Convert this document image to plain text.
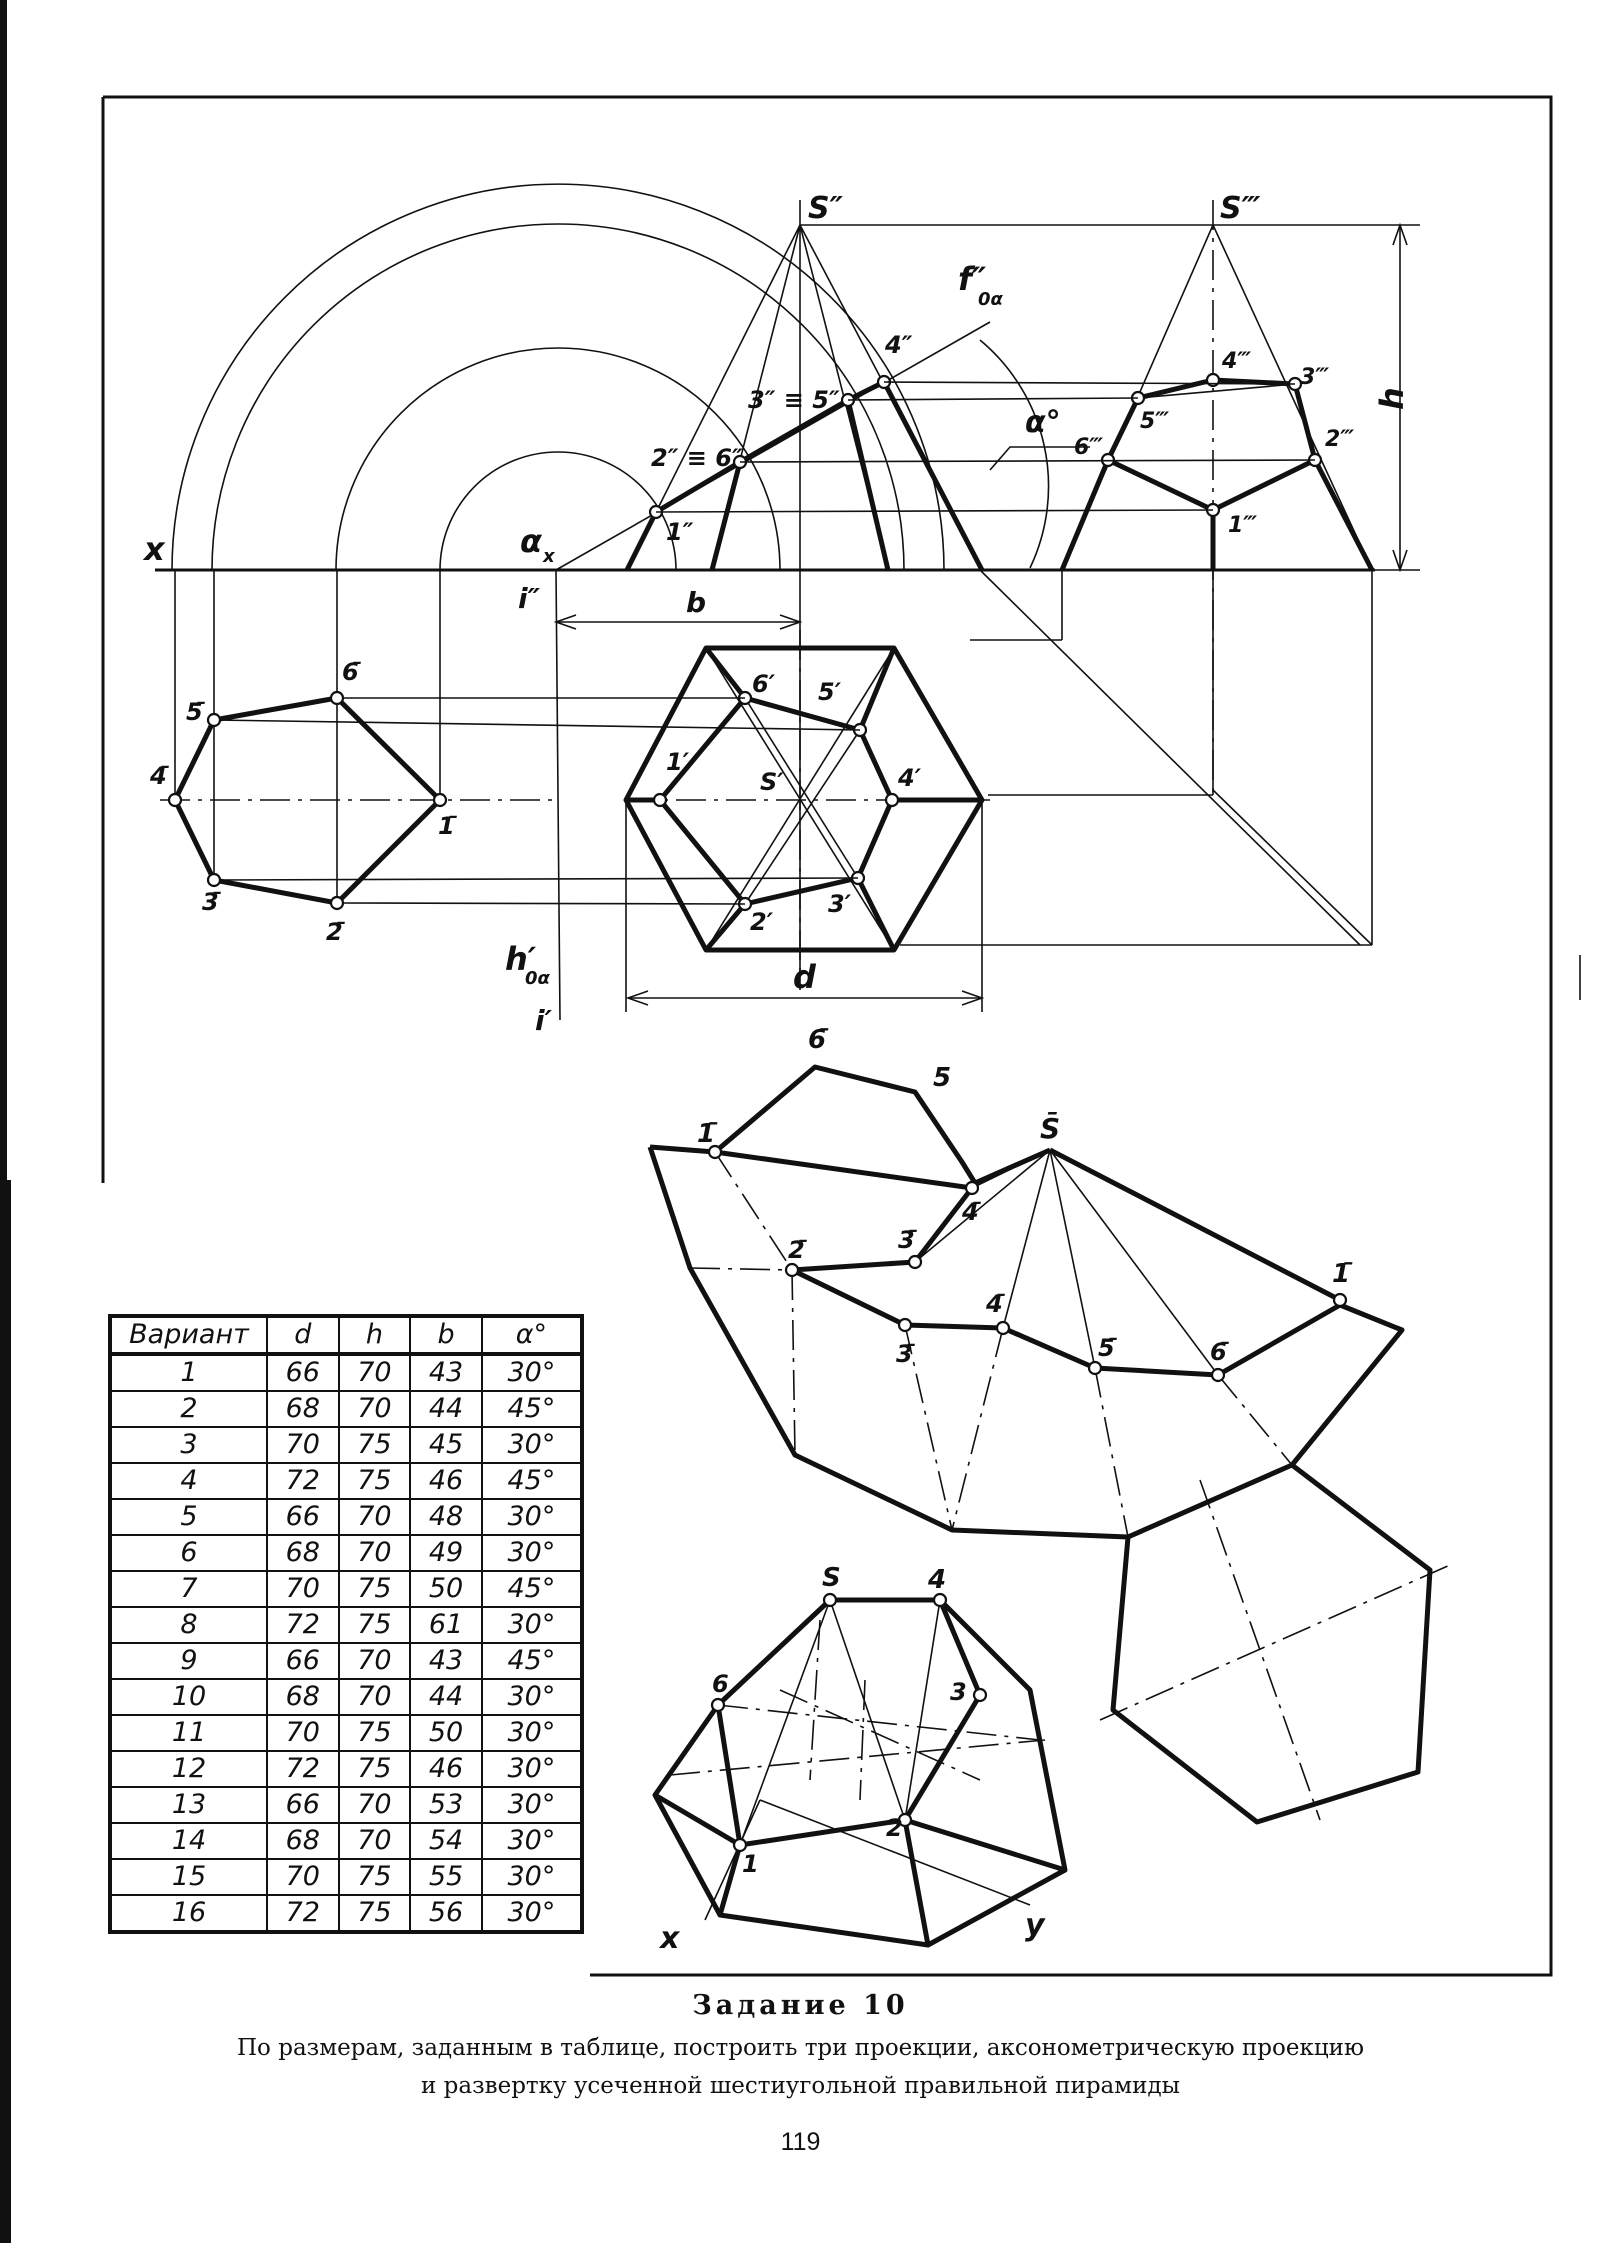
x
S″
f″
0α
4″
3″ ≡ 5″
2″ ≡ 6″
1″
α x
i″
α°
S‴
4‴
3‴
5‴
6‴	2‴
1‴
h
b
6′ 5′
1′
4′
S′
2′
3′
d
h′
0α
i′
5̄
6̄
4̄
1̄
3̄
2̄
S̄
1̄
6̄
5
4̄
3̄
2̄
3̄
4̄
5̄	6̄
1̄
S	4
3
6
2
1
x	y
Вариант	d	h	b	α°
1	66	70	43	30°
2	68	70	44	45°
3	70	75	45	30°
4	72	75	46	45°
5	66	70	48	30°
6	68	70	49	30°
7	70	75	50	45°
8	72	75	61	30°
9	66	70	43	45°
10	68	70	44	30°
11	70	75	50	30°
12	72	75	46	30°
13	66	70	53	30°
14	68	70	54	30°
15	70	75	55	30°
16	72	75	56	30°

Задание 10

По размерам, заданным в таблице, построить три проекции, аксонометрическую проекцию
и развертку усеченной шестиугольной правильной пирамиды

119
